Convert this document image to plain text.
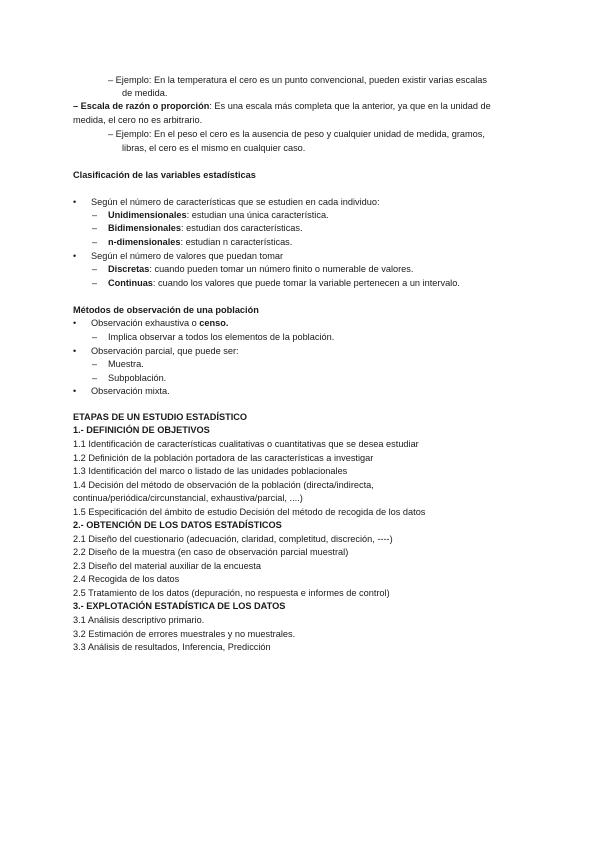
– Ejemplo: En la temperatura el cero es un punto convencional, pueden existir varias escalas
de medida.
– Escala de razón o proporción: Es una escala más completa que la anterior, ya que en la unidad de
medida, el cero no es arbitrario.
– Ejemplo: En el peso el cero es la ausencia de peso y cualquier unidad de medida, gramos,
libras, el cero es el mismo en cualquier caso.
Clasificación de las variables estadísticas
• Según el número de características que se estudien en cada individuo:
– Unidimensionales: estudian una única característica.
– Bidimensionales: estudian dos características.
– n-dimensionales: estudian n características.
• Según el número de valores que puedan tomar
– Discretas: cuando pueden tomar un número finito o numerable de valores.
– Continuas: cuando los valores que puede tomar la variable pertenecen a un intervalo.
Métodos de observación de una población
• Observación exhaustiva o censo.
– Implica observar a todos los elementos de la población.
• Observación parcial, que puede ser:
– Muestra.
– Subpoblación.
• Observación mixta.
ETAPAS DE UN ESTUDIO ESTADÍSTICO
1.- DEFINICIÓN DE OBJETIVOS
1.1 Identificación de características cualitativas o cuantitativas que se desea estudiar
1.2 Definición de la población portadora de las características a investigar
1.3 Identificación del marco o listado de las unidades poblacionales
1.4 Decisión del método de observación de la población (directa/indirecta,
continua/periódica/circunstancial, exhaustiva/parcial, ....)
1.5 Especificación del ámbito de estudio Decisión del método de recogida de los datos
2.- OBTENCIÓN DE LOS DATOS ESTADÍSTICOS
2.1 Diseño del cuestionario (adecuación, claridad, completitud, discreción, ----)
2.2 Diseño de la muestra (en caso de observación parcial muestral)
2.3 Diseño del material auxiliar de la encuesta
2.4 Recogida de los datos
2.5 Tratamiento de los datos (depuración, no respuesta e informes de control)
3.- EXPLOTACIÓN ESTADÍSTICA DE LOS DATOS
3.1 Análisis descriptivo primario.
3.2 Estimación de errores muestrales y no muestrales.
3.3 Análisis de resultados, Inferencia, Predicción
